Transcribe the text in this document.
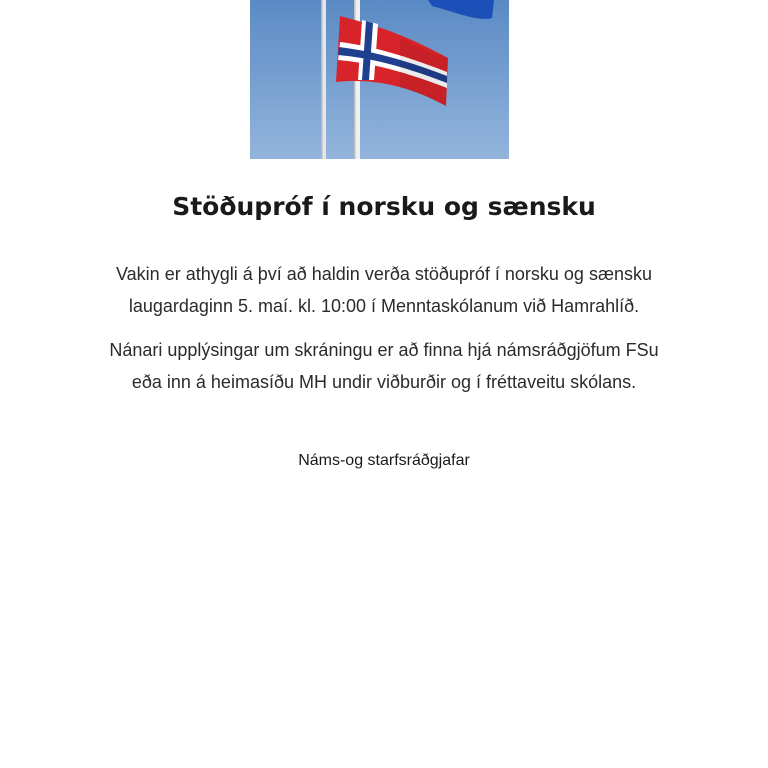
Stöðupróf í norsku og sænsku

Vakin er athygli á því að haldin verða stöðupróf í norsku og sænsku
laugardaginn 5. maí. kl. 10:00 í Menntaskólanum við Hamrahlíð.

Nánari upplýsingar um skráningu er að finna hjá námsráðgjöfum FSu
eða inn á heimasíðu MH undir viðburðir og í fréttaveitu skólans.

Náms-og starfsráðgjafar
